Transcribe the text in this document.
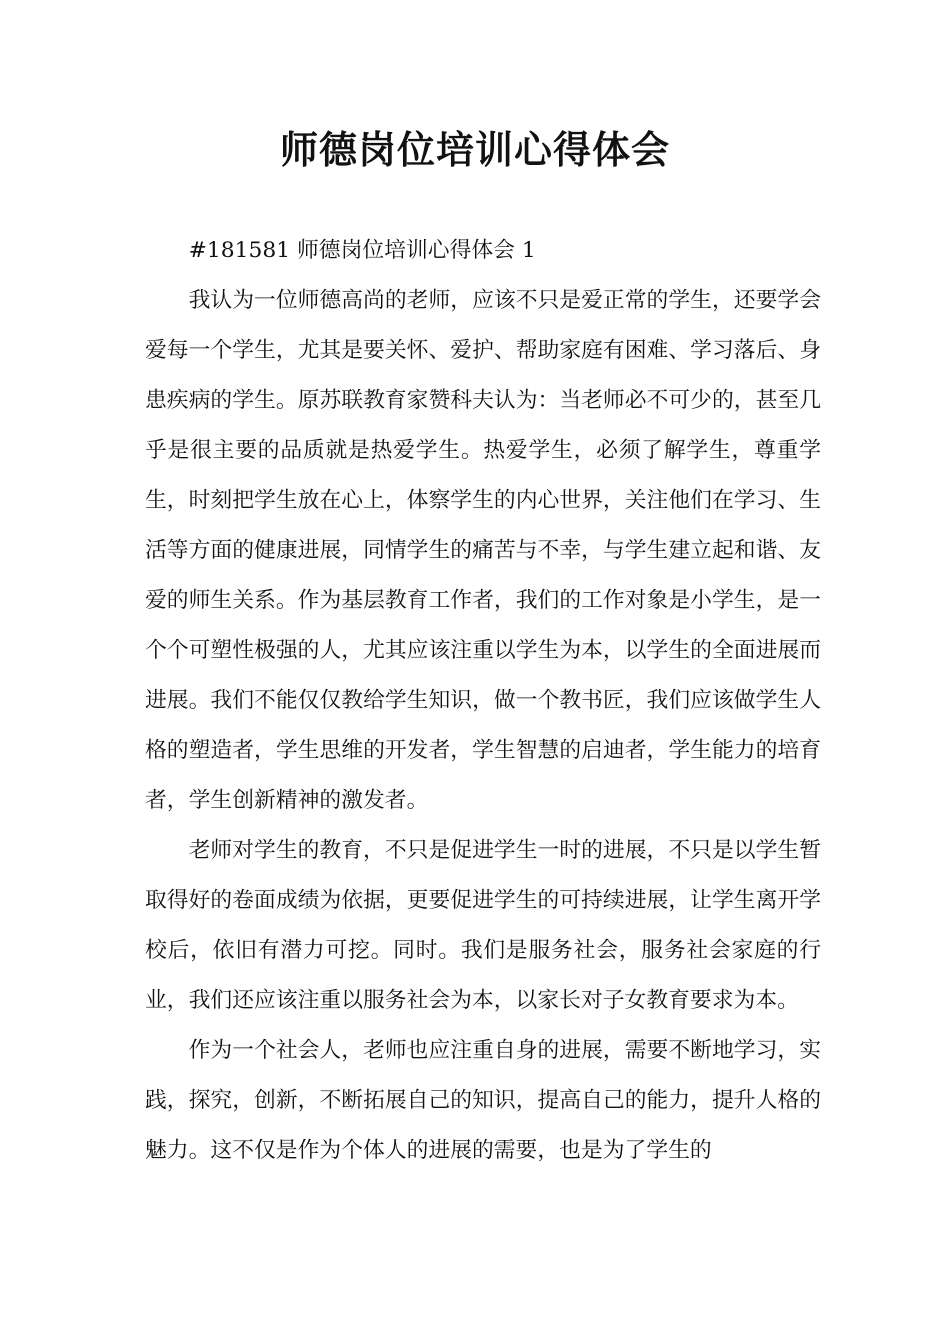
师德岗位培训心得体会

#181581 师德岗位培训心得体会 1

我认为一位师德高尚的老师，应该不只是爱正常的学生，还要学会爱每一个学生，尤其是要关怀、爱护、帮助家庭有困难、学习落后、身患疾病的学生。原苏联教育家赞科夫认为：当老师必不可少的，甚至几乎是很主要的品质就是热爱学生。热爱学生，必须了解学生，尊重学生，时刻把学生放在心上，体察学生的内心世界，关注他们在学习、生活等方面的健康进展，同情学生的痛苦与不幸，与学生建立起和谐、友爱的师生关系。作为基层教育工作者，我们的工作对象是小学生，是一个个可塑性极强的人，尤其应该注重以学生为本，以学生的全面进展而进展。我们不能仅仅教给学生知识，做一个教书匠，我们应该做学生人格的塑造者，学生思维的开发者，学生智慧的启迪者，学生能力的培育者，学生创新精神的激发者。

老师对学生的教育，不只是促进学生一时的进展，不只是以学生暂取得好的卷面成绩为依据，更要促进学生的可持续进展，让学生离开学校后，依旧有潜力可挖。同时。我们是服务社会，服务社会家庭的行业，我们还应该注重以服务社会为本，以家长对子女教育要求为本。

作为一个社会人，老师也应注重自身的进展，需要不断地学习，实践，探究，创新，不断拓展自己的知识，提高自己的能力，提升人格的魅力。这不仅是作为个体人的进展的需要，也是为了学生的
